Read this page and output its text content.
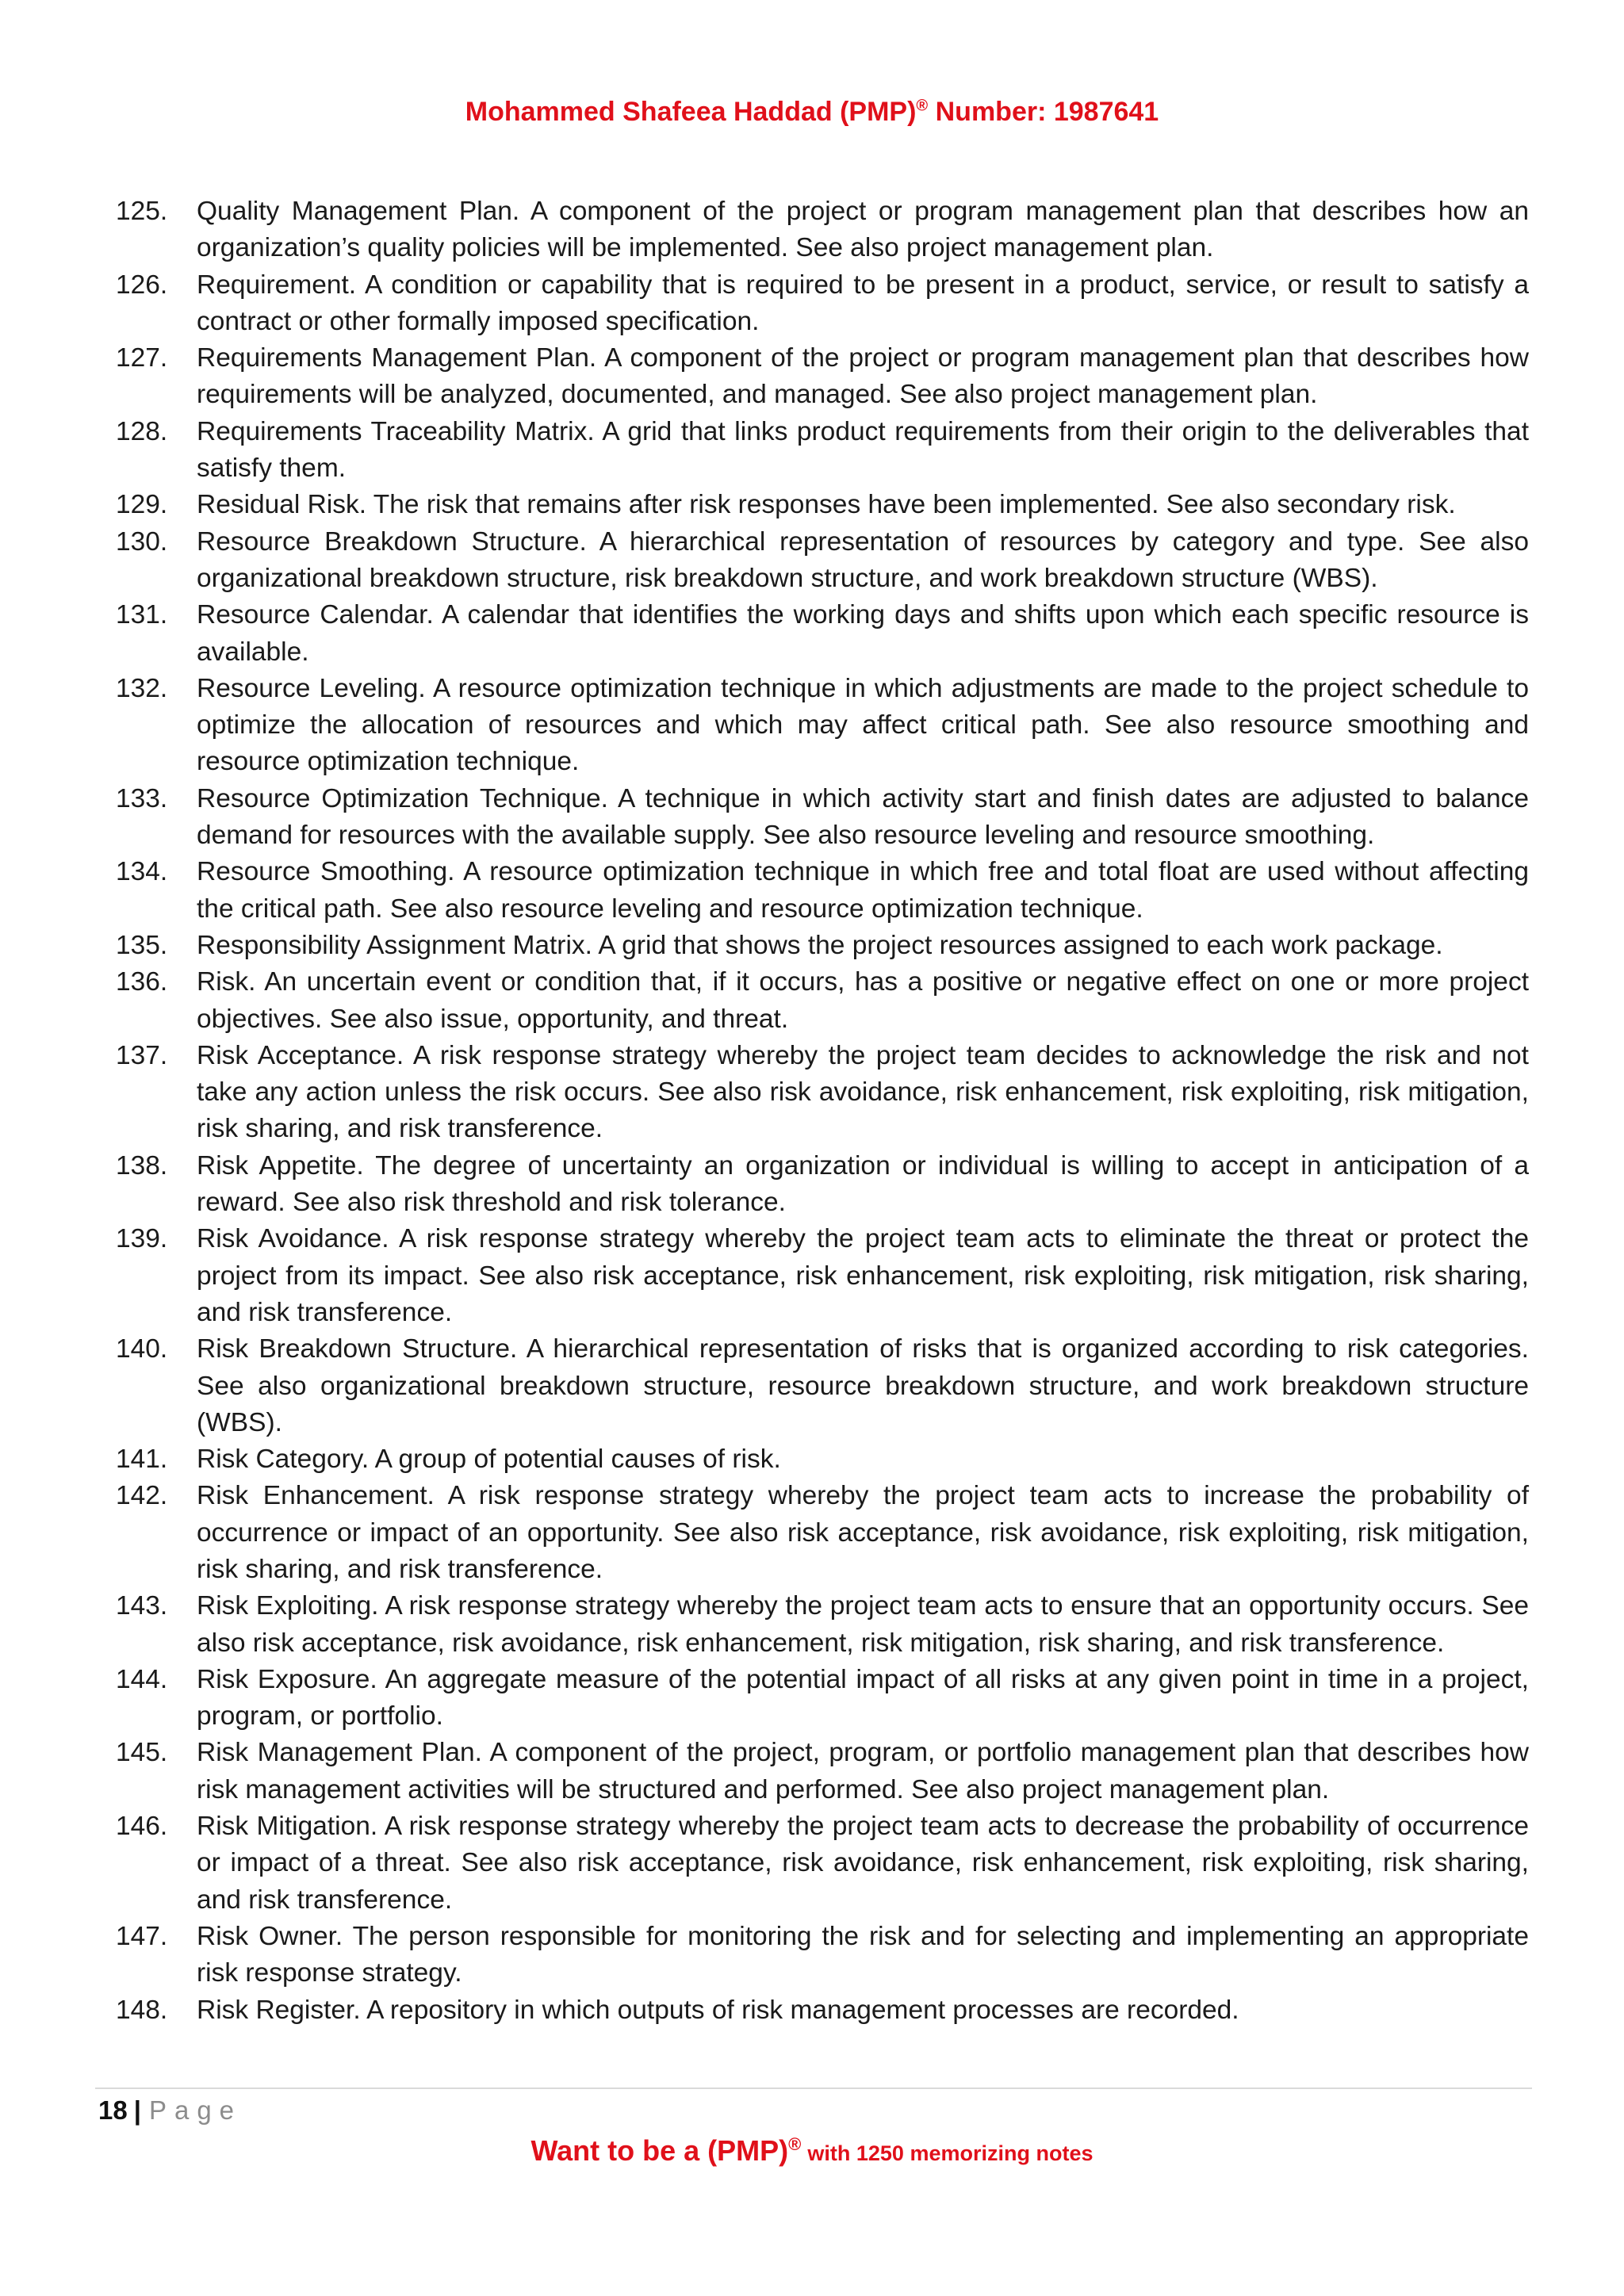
Mohammed Shafeea Haddad (PMP)® Number: 1987641
125.	Quality Management Plan. A component of the project or program management plan that describes how an organization’s quality policies will be implemented. See also project management plan.
126.	Requirement. A condition or capability that is required to be present in a product, service, or result to satisfy a contract or other formally imposed specification.
127.	Requirements Management Plan. A component of the project or program management plan that describes how requirements will be analyzed, documented, and managed. See also project management plan.
128.	Requirements Traceability Matrix. A grid that links product requirements from their origin to the deliverables that satisfy them.
129.	Residual Risk. The risk that remains after risk responses have been implemented. See also secondary risk.
130.	Resource Breakdown Structure. A hierarchical representation of resources by category and type. See also organizational breakdown structure, risk breakdown structure, and work breakdown structure (WBS).
131.	Resource Calendar. A calendar that identifies the working days and shifts upon which each specific resource is available.
132.	Resource Leveling. A resource optimization technique in which adjustments are made to the project schedule to optimize the allocation of resources and which may affect critical path. See also resource smoothing and resource optimization technique.
133.	Resource Optimization Technique. A technique in which activity start and finish dates are adjusted to balance demand for resources with the available supply. See also resource leveling and resource smoothing.
134.	Resource Smoothing. A resource optimization technique in which free and total float are used without affecting the critical path. See also resource leveling and resource optimization technique.
135.	Responsibility Assignment Matrix. A grid that shows the project resources assigned to each work package.
136.	Risk. An uncertain event or condition that, if it occurs, has a positive or negative effect on one or more project objectives. See also issue, opportunity, and threat.
137.	Risk Acceptance. A risk response strategy whereby the project team decides to acknowledge the risk and not take any action unless the risk occurs. See also risk avoidance, risk enhancement, risk exploiting, risk mitigation, risk sharing, and risk transference.
138.	Risk Appetite. The degree of uncertainty an organization or individual is willing to accept in anticipation of a reward. See also risk threshold and risk tolerance.
139.	Risk Avoidance. A risk response strategy whereby the project team acts to eliminate the threat or protect the project from its impact. See also risk acceptance, risk enhancement, risk exploiting, risk mitigation, risk sharing, and risk transference.
140.	Risk Breakdown Structure. A hierarchical representation of risks that is organized according to risk categories. See also organizational breakdown structure, resource breakdown structure, and work breakdown structure (WBS).
141.	Risk Category. A group of potential causes of risk.
142.	Risk Enhancement. A risk response strategy whereby the project team acts to increase the probability of occurrence or impact of an opportunity. See also risk acceptance, risk avoidance, risk exploiting, risk mitigation, risk sharing, and risk transference.
143.	Risk Exploiting. A risk response strategy whereby the project team acts to ensure that an opportunity occurs. See also risk acceptance, risk avoidance, risk enhancement, risk mitigation, risk sharing, and risk transference.
144.	Risk Exposure. An aggregate measure of the potential impact of all risks at any given point in time in a project, program, or portfolio.
145.	Risk Management Plan. A component of the project, program, or portfolio management plan that describes how risk management activities will be structured and performed. See also project management plan.
146.	Risk Mitigation. A risk response strategy whereby the project team acts to decrease the probability of occurrence or impact of a threat. See also risk acceptance, risk avoidance, risk enhancement, risk exploiting, risk sharing, and risk transference.
147.	Risk Owner. The person responsible for monitoring the risk and for selecting and implementing an appropriate risk response strategy.
148.	Risk Register. A repository in which outputs of risk management processes are recorded.
18 | Page
Want to be a (PMP)® with 1250 memorizing notes
